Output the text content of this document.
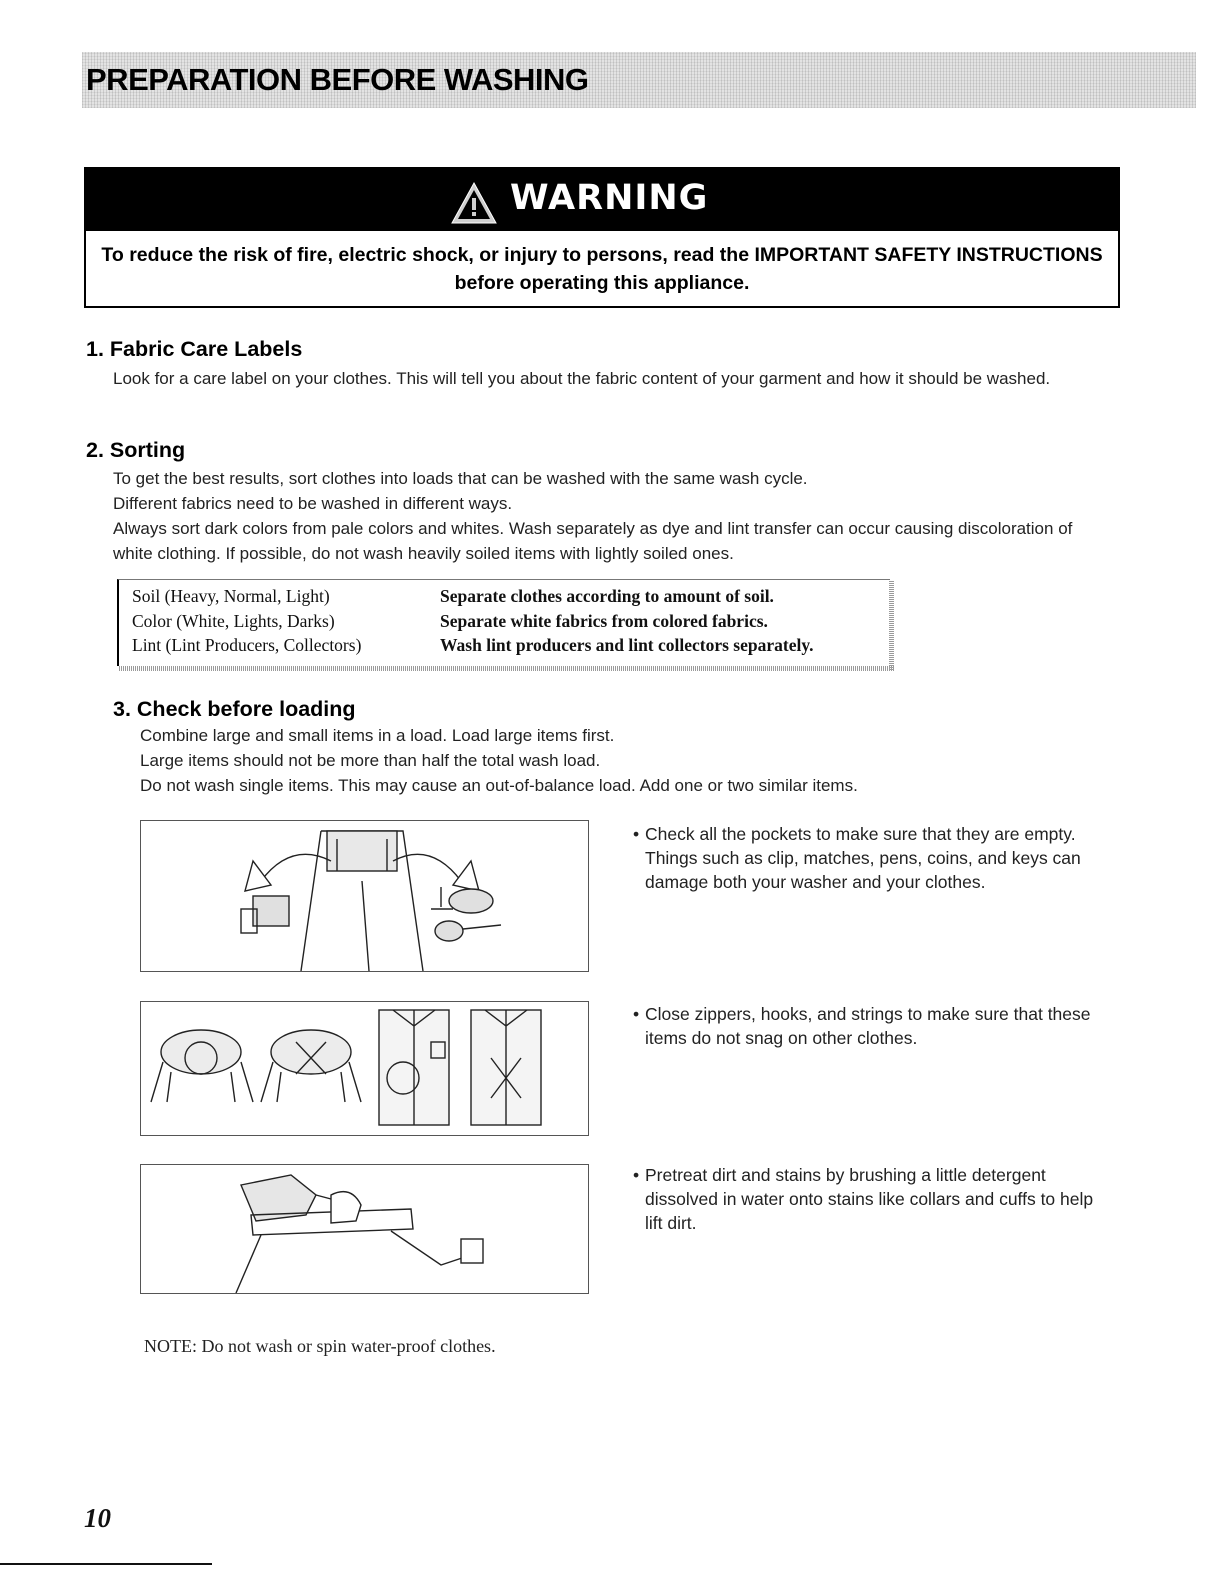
PREPARATION BEFORE WASHING
WARNING
To reduce the risk of fire, electric shock, or injury to persons, read the IMPORTANT SAFETY INSTRUCTIONS before operating this appliance.
1. Fabric Care Labels

Look for a care label on your clothes. This will tell you about the fabric content of your garment and how it should be washed.

2. Sorting

To get the best results, sort clothes into loads that can be washed with the same wash cycle.

Different fabrics need to be washed in different ways.

Always sort dark colors from pale colors and whites. Wash separately as dye and lint transfer can occur causing discoloration of white clothing. If possible, do not wash heavily soiled items with lightly soiled ones.

Soil (Heavy, Normal, Light)	Separate clothes according to amount of soil.
Color (White, Lights, Darks)	Separate white fabrics from colored fabrics.
Lint (Lint Producers, Collectors)	Wash lint producers and lint collectors separately.
3. Check before loading

Combine large and small items in a load. Load large items first.

Large items should not be more than half the total wash load.

Do not wash single items. This may cause an out-of-balance load. Add one or two similar items.

• Check all the pockets to make sure that they are empty. Things such as clip, matches, pens, coins, and keys can damage both your washer and your clothes.
• Close zippers, hooks, and strings to make sure that these items do not snag on other clothes.
• Pretreat dirt and stains by brushing a little detergent dissolved in water onto stains like collars and cuffs to help lift dirt.
NOTE: Do not wash or spin water-proof clothes.
10
